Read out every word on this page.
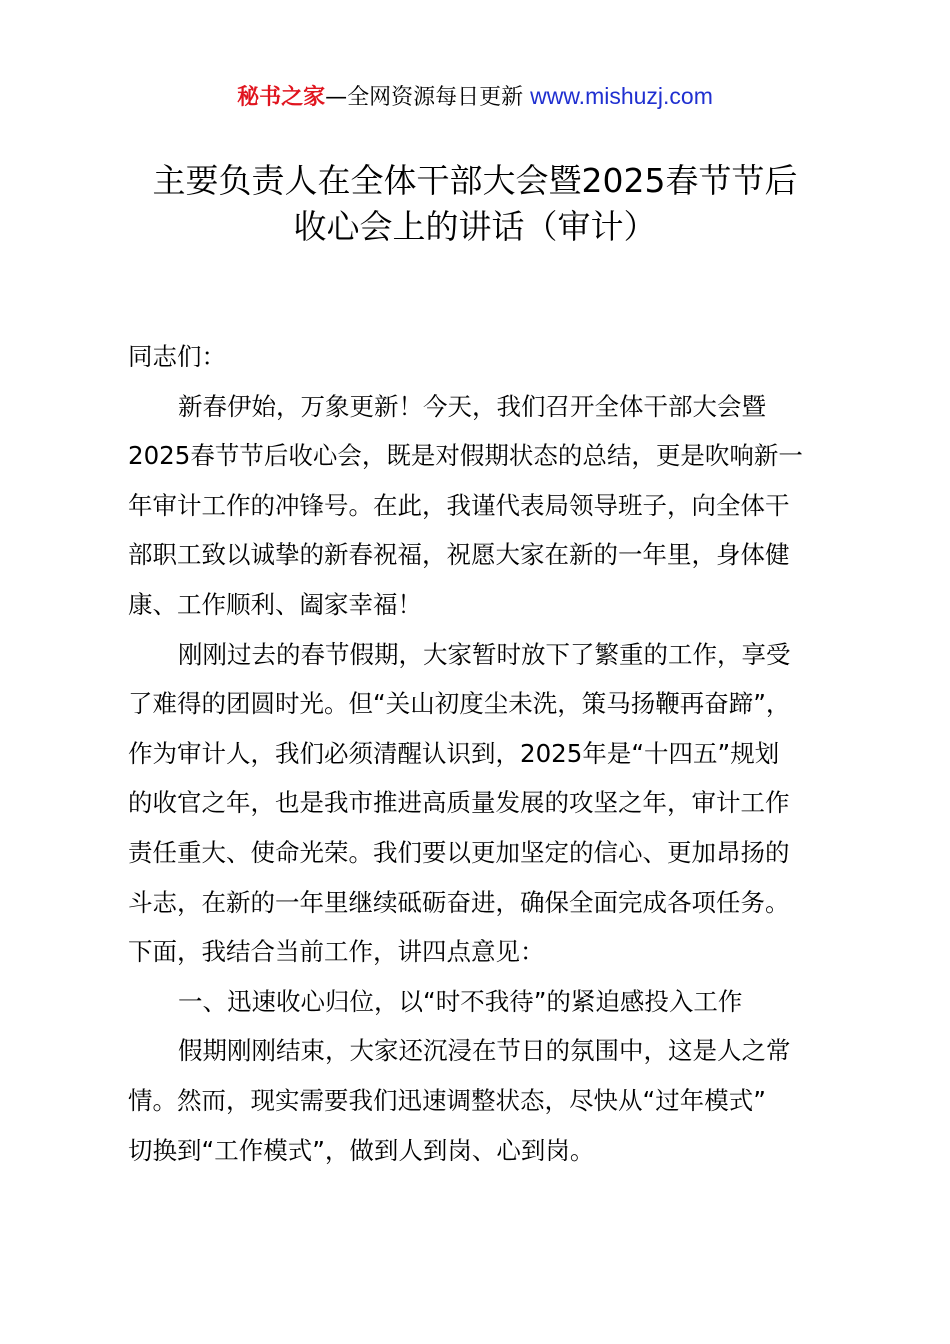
秘书之家—全网资源每日更新 www.mishuzj.com
主要负责人在全体干部大会暨2025春节节后
收心会上的讲话（审计）

同志们：

新春伊始，万象更新！今天，我们召开全体干部大会暨

2025春节节后收心会，既是对假期状态的总结，更是吹响新一

年审计工作的冲锋号。在此，我谨代表局领导班子，向全体干

部职工致以诚挚的新春祝福，祝愿大家在新的一年里，身体健

康、工作顺利、阖家幸福！

刚刚过去的春节假期，大家暂时放下了繁重的工作，享受

了难得的团圆时光。但“关山初度尘未洗，策马扬鞭再奋蹄”，

作为审计人，我们必须清醒认识到，2025年是“十四五”规划

的收官之年，也是我市推进高质量发展的攻坚之年，审计工作

责任重大、使命光荣。我们要以更加坚定的信心、更加昂扬的

斗志，在新的一年里继续砥砺奋进，确保全面完成各项任务。

下面，我结合当前工作，讲四点意见：

一、迅速收心归位，以“时不我待”的紧迫感投入工作

假期刚刚结束，大家还沉浸在节日的氛围中，这是人之常

情。然而，现实需要我们迅速调整状态，尽快从“过年模式”

切换到“工作模式”，做到人到岗、心到岗。
